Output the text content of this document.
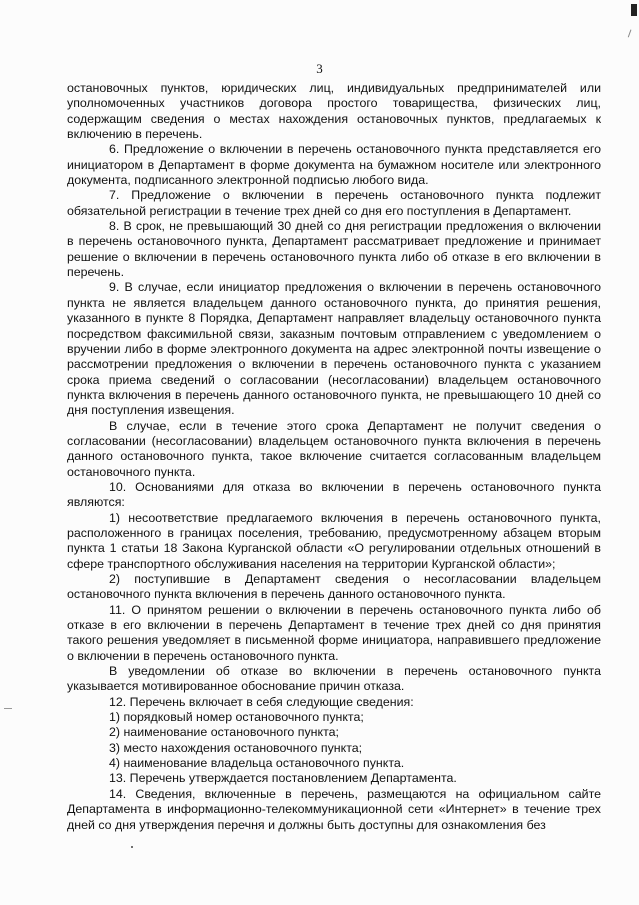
3

остановочных пунктов, юридических лиц, индивидуальных предпринимателей или уполномоченных участников договора простого товарищества, физических лиц, содержащим сведения о местах нахождения остановочных пунктов, предлагаемых к включению в перечень.

6. Предложение о включении в перечень остановочного пункта представляется его инициатором в Департамент в форме документа на бумажном носителе или электронного документа, подписанного электронной подписью любого вида.

7. Предложение о включении в перечень остановочного пункта подлежит обязательной регистрации в течение трех дней со дня его поступления в Департамент.

8. В срок, не превышающий 30 дней со дня регистрации предложения о включении в перечень остановочного пункта, Департамент рассматривает предложение и принимает решение о включении в перечень остановочного пункта либо об отказе в его включении в перечень.

9. В случае, если инициатор предложения о включении в перечень остановочного пункта не является владельцем данного остановочного пункта, до принятия решения, указанного в пункте 8 Порядка, Департамент направляет владельцу остановочного пункта посредством факсимильной связи, заказным почтовым отправлением с уведомлением о вручении либо в форме электронного документа на адрес электронной почты извещение о рассмотрении предложения о включении в перечень остановочного пункта с указанием срока приема сведений о согласовании (несогласовании) владельцем остановочного пункта включения в перечень данного остановочного пункта, не превышающего 10 дней со дня поступления извещения.

В случае, если в течение этого срока Департамент не получит сведения о согласовании (несогласовании) владельцем остановочного пункта включения в перечень данного остановочного пункта, такое включение считается согласованным владельцем остановочного пункта.

10. Основаниями для отказа во включении в перечень остановочного пункта являются:

1) несоответствие предлагаемого включения в перечень остановочного пункта, расположенного в границах поселения, требованию, предусмотренному абзацем вторым пункта 1 статьи 18 Закона Курганской области «О регулировании отдельных отношений в сфере транспортного обслуживания населения на территории Курганской области»;

2) поступившие в Департамент сведения о несогласовании владельцем остановочного пункта включения в перечень данного остановочного пункта.

11. О принятом решении о включении в перечень остановочного пункта либо об отказе в его включении в перечень Департамент в течение трех дней со дня принятия такого решения уведомляет в письменной форме инициатора, направившего предложение о включении в перечень остановочного пункта.

В уведомлении об отказе во включении в перечень остановочного пункта указывается мотивированное обоснование причин отказа.

12. Перечень включает в себя следующие сведения:

1) порядковый номер остановочного пункта;

2) наименование остановочного пункта;

3) место нахождения остановочного пункта;

4) наименование владельца остановочного пункта.

13. Перечень утверждается постановлением Департамента.

14. Сведения, включенные в перечень, размещаются на официальном сайте Департамента в информационно-телекоммуникационной сети «Интернет» в течение трех дней со дня утверждения перечня и должны быть доступны для ознакомления без
